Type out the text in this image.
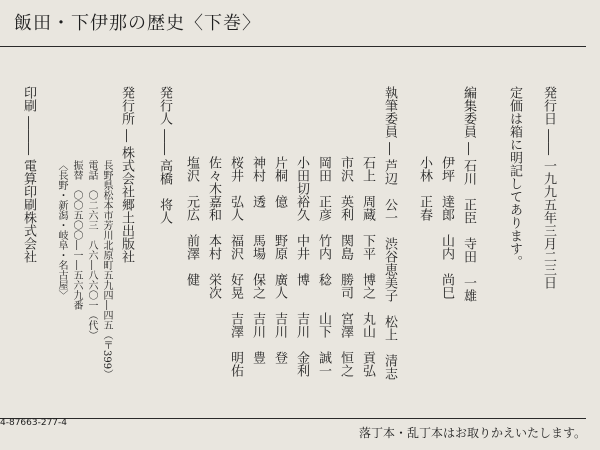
飯田・下伊那の歴史〈下巻〉
発行日 ―― 一九九五年三月二三日
定価は箱に明記してあります。
編集委員 ― 石川　正臣　寺田　一雄
伊坪　達郎　山内　尚巳
小林　正春
執筆委員 ― 芦辺　公一　渋谷恵美子　松上　清志
石上　周蔵　下平　博之　丸山　貢弘
市沢　英利　関島　勝司　宮澤　恒之
岡田　正彦　竹内　稔　　山下　誠一
小田切裕久　中井　博　　吉川　金利
片桐　億　　野原　廣人　吉川　登
神村　透　　馬場　保之　吉川　豊
桜井　弘人　福沢　好晃　吉澤　明佑
佐々木嘉和　本村　栄次
塩沢　元広　前澤　健
発行人 ―― 高橋　将人
発行所 ― 株式会社郷土出版社
長野県松本市芳川北原町五九四―四五（〒399）
電話　〇二六三　八六―八六〇一（代）
振替　〇〇五〇〇―一―五六九番
〈長野・新潟・岐阜・名古屋〉
印刷 ――― 電算印刷株式会社
4-87663-277-4
落丁本・乱丁本はお取りかえいたします。
